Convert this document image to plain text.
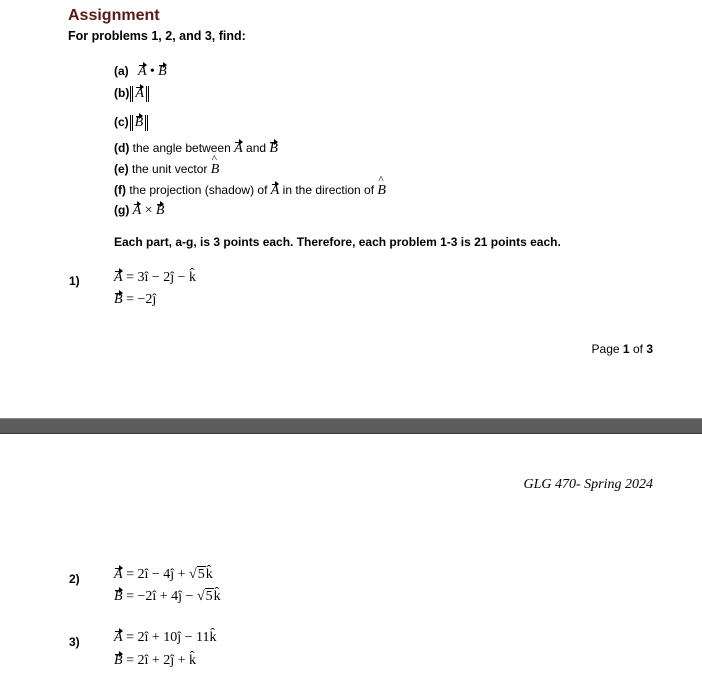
Assignment
For problems 1, 2, and 3, find:
(a) A • B
(b) A
(c) B
(d) the angle between A and B
(e) the unit vector ^ B
(f) the projection (shadow) of A in the direction of ^ B
(g) A × B
Each part, a-g, is 3 points each. Therefore, each problem 1-3 is 21 points each.
1) A = 3î − 2ĵ − k̂
B = −2ĵ
Page 1 of 3
GLG 470- Spring 2024
2) A = 2î − 4ĵ + √5k̂
B = −2î + 4ĵ − √5k̂
3) A = 2î + 10ĵ − 11k̂
B = 2î + 2ĵ + k̂
